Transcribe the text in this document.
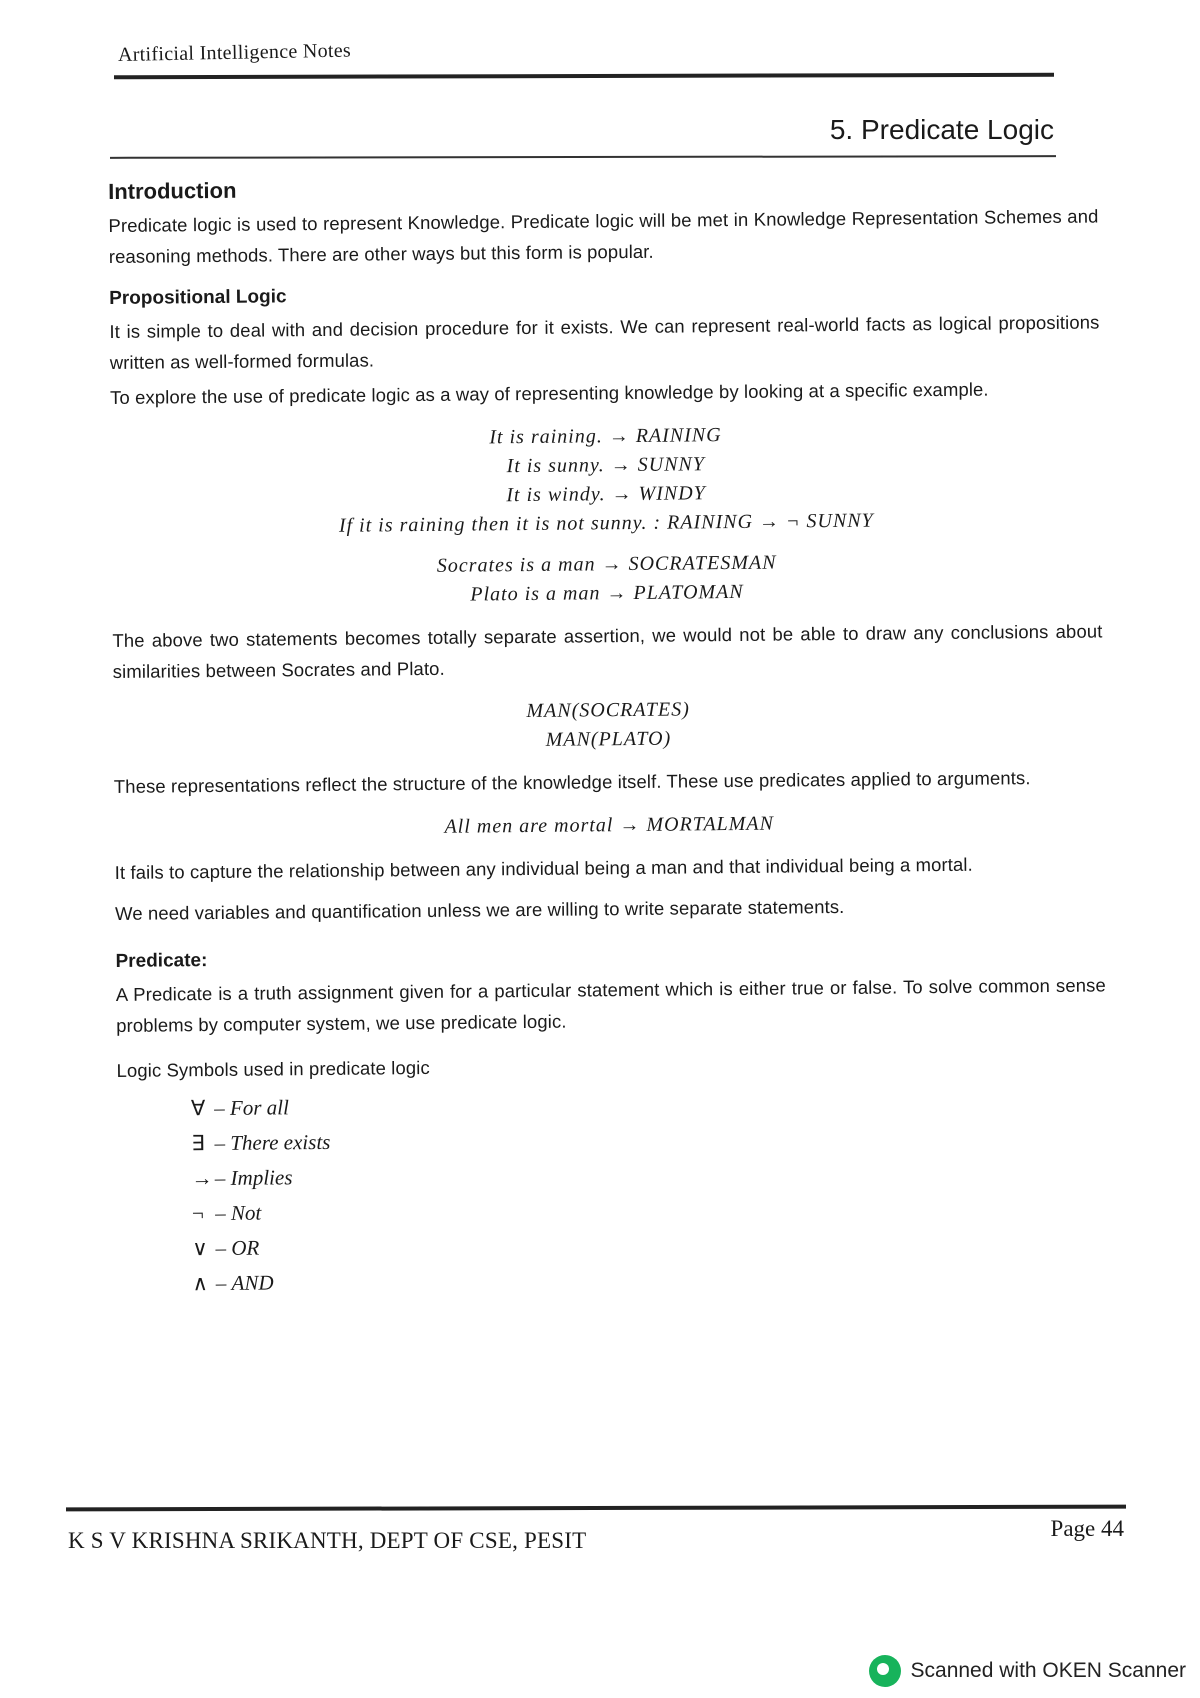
Artificial Intelligence Notes
5. Predicate Logic
Introduction

Predicate logic is used to represent Knowledge. Predicate logic will be met in Knowledge Representation Schemes and reasoning methods. There are other ways but this form is popular.

Propositional Logic

It is simple to deal with and decision procedure for it exists. We can represent real-world facts as logical propositions written as well-formed formulas.

To explore the use of predicate logic as a way of representing knowledge by looking at a specific example.

It is raining. → RAINING
It is sunny. → SUNNY
It is windy. → WINDY
If it is raining then it is not sunny. : RAINING → ¬ SUNNY
Socrates is a man → SOCRATESMAN
Plato is a man → PLATOMAN

The above two statements becomes totally separate assertion, we would not be able to draw any conclusions about similarities between Socrates and Plato.

MAN(SOCRATES)
MAN(PLATO)

These representations reflect the structure of the knowledge itself. These use predicates applied to arguments.

All men are mortal → MORTALMAN

It fails to capture the relationship between any individual being a man and that individual being a mortal.

We need variables and quantification unless we are willing to write separate statements.

Predicate:

A Predicate is a truth assignment given for a particular statement which is either true or false. To solve common sense problems by computer system, we use predicate logic.

Logic Symbols used in predicate logic

∀ – For all
∃ – There exists
→ – Implies
¬ – Not
∨ – OR
∧ – AND
K S V KRISHNA SRIKANTH, DEPT OF CSE, PESIT	Page 44
Scanned with OKEN Scanner
